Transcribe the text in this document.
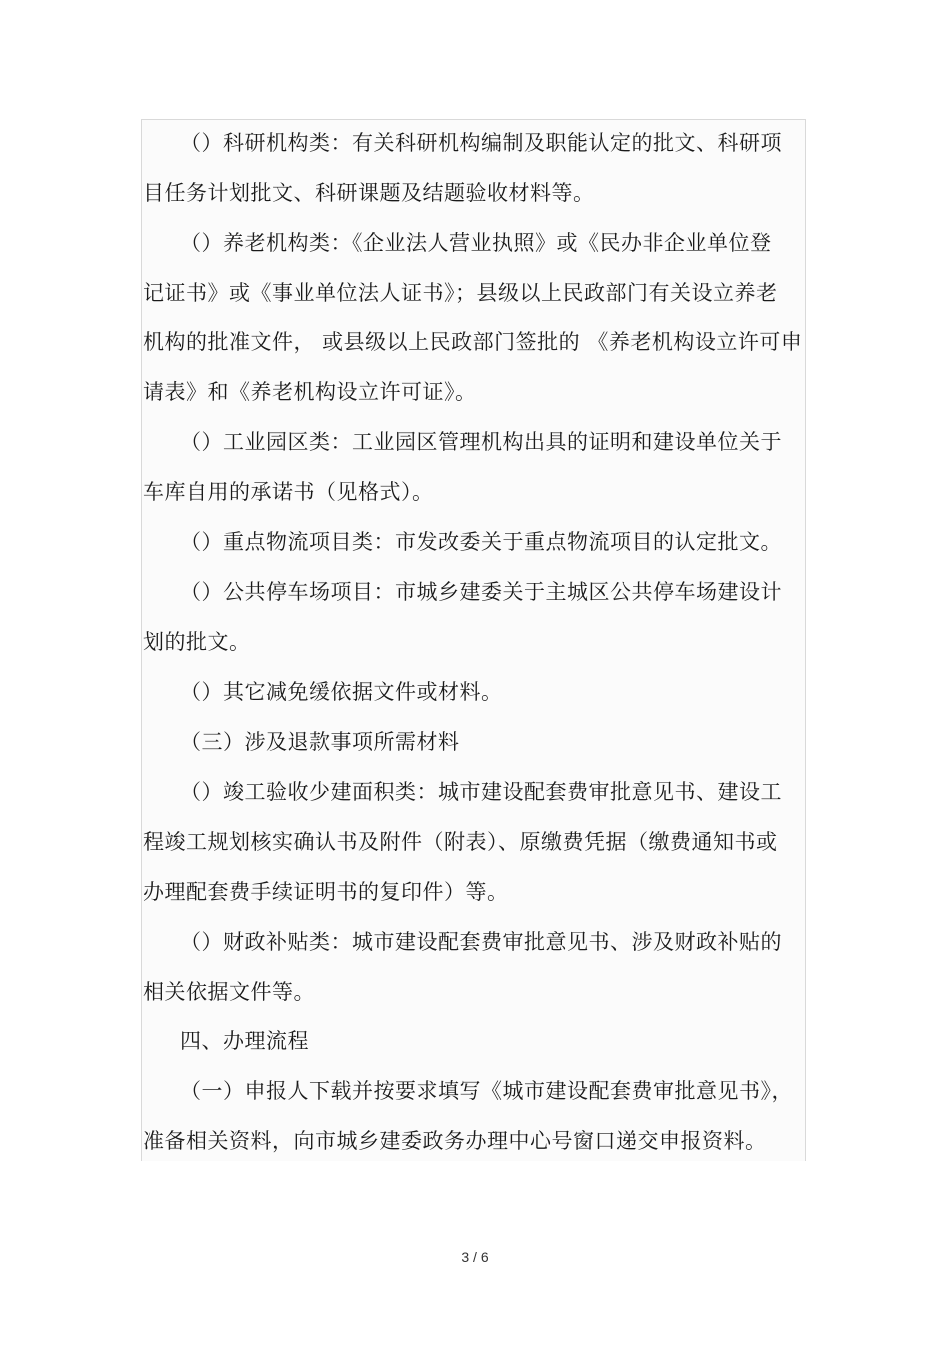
（）科研机构类：有关科研机构编制及职能认定的批文、科研项
目任务计划批文、科研课题及结题验收材料等。
（）养老机构类：《企业法人营业执照》或《民办非企业单位登
记证书》或《事业单位法人证书》；县级以上民政部门有关设立养老
机构的批准文件， 或县级以上民政部门签批的 《养老机构设立许可申
请表》和《养老机构设立许可证》。
（）工业园区类：工业园区管理机构出具的证明和建设单位关于
车库自用的承诺书（见格式）。
（）重点物流项目类：市发改委关于重点物流项目的认定批文。
（）公共停车场项目：市城乡建委关于主城区公共停车场建设计
划的批文。
（）其它减免缓依据文件或材料。
（三）涉及退款事项所需材料
（）竣工验收少建面积类：城市建设配套费审批意见书、建设工
程竣工规划核实确认书及附件（附表）、原缴费凭据（缴费通知书或
办理配套费手续证明书的复印件）等。
（）财政补贴类：城市建设配套费审批意见书、涉及财政补贴的
相关依据文件等。
四、办理流程
（一）申报人下载并按要求填写《城市建设配套费审批意见书》，
准备相关资料，向市城乡建委政务办理中心号窗口递交申报资料。
3 / 6
